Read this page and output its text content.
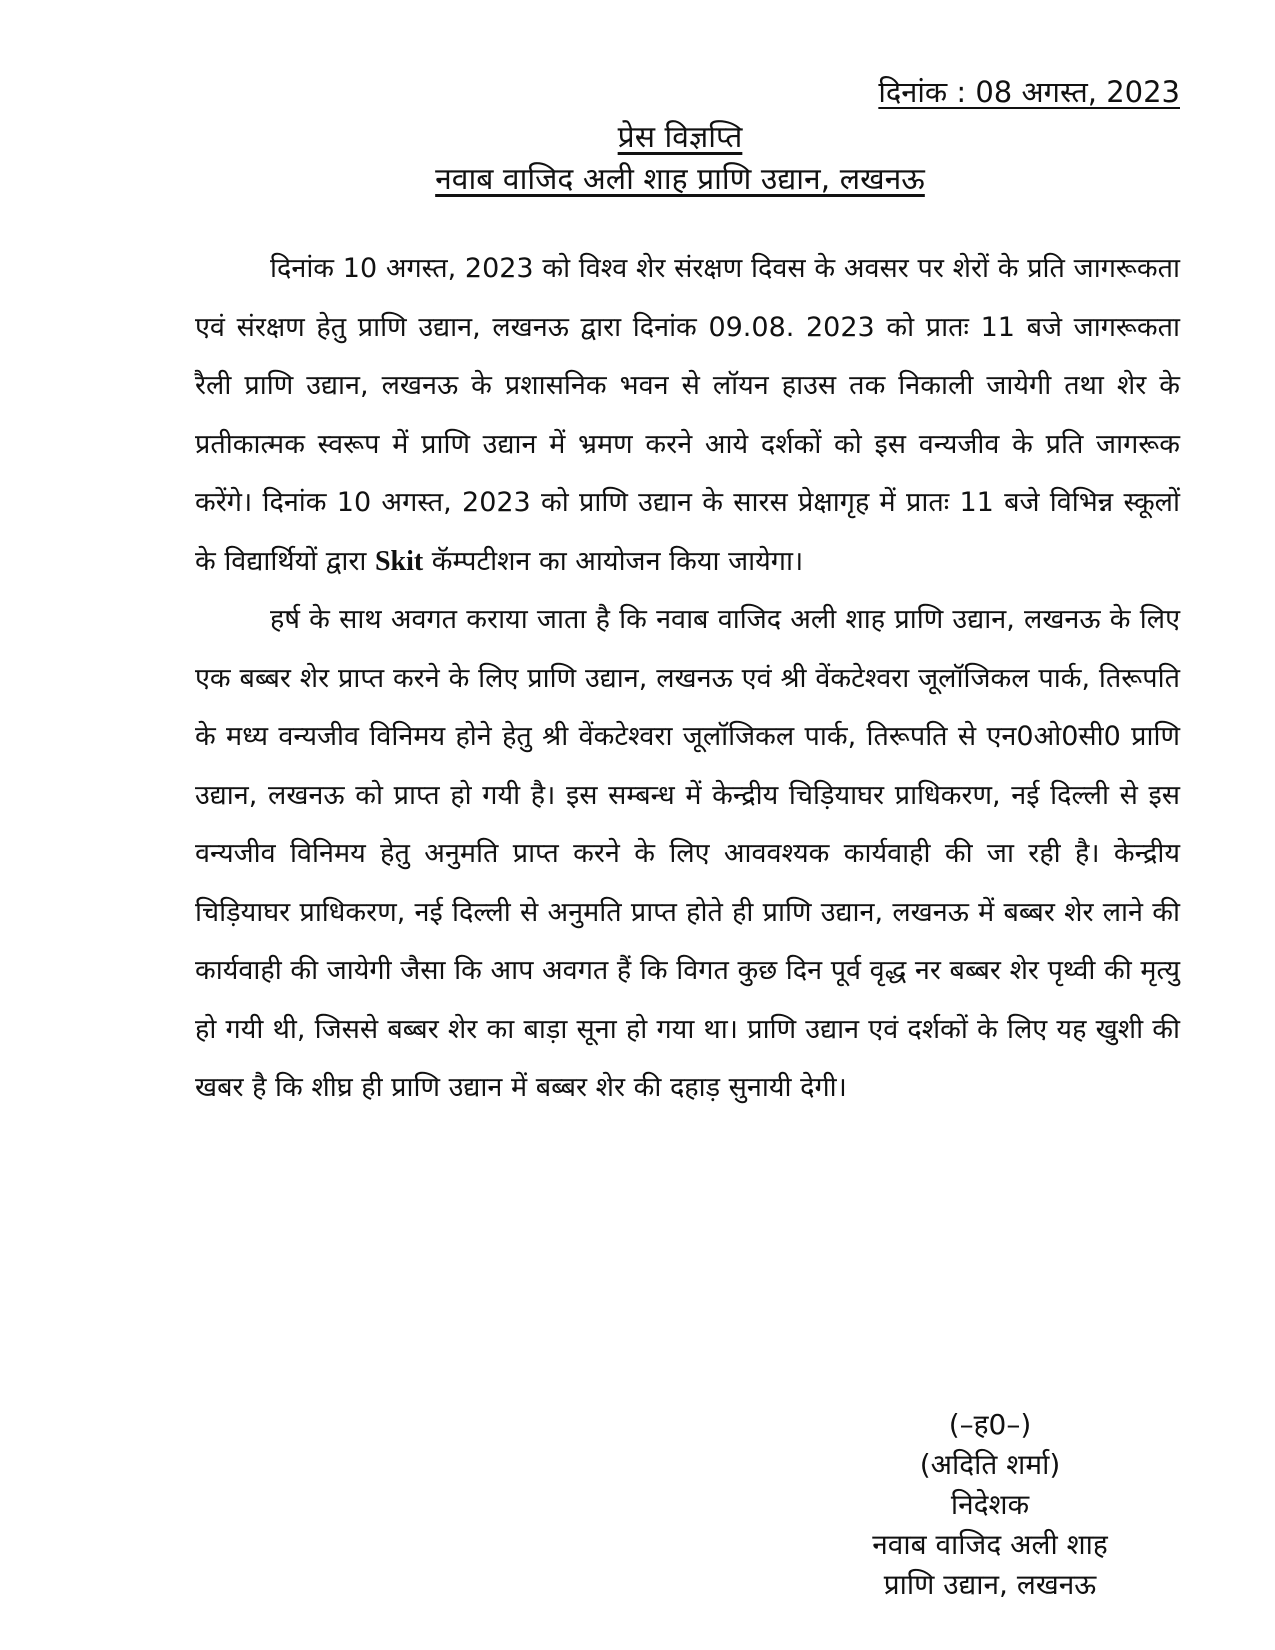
दिनांक : 08 अगस्त, 2023
प्रेस विज्ञप्ति
नवाब वाजिद अली शाह प्राणि उद्यान, लखनऊ

दिनांक 10 अगस्त, 2023 को विश्व शेर संरक्षण दिवस के अवसर पर शेरों के प्रति जागरूकता एवं संरक्षण हेतु प्राणि उद्यान, लखनऊ द्वारा दिनांक 09.08. 2023 को प्रातः 11 बजे जागरूकता रैली प्राणि उद्यान, लखनऊ के प्रशासनिक भवन से लॉयन हाउस तक निकाली जायेगी तथा शेर के प्रतीकात्मक स्वरूप में प्राणि उद्यान में भ्रमण करने आये दर्शकों को इस वन्यजीव के प्रति जागरूक करेंगे। दिनांक 10 अगस्त, 2023 को प्राणि उद्यान के सारस प्रेक्षागृह में प्रातः 11 बजे विभिन्न स्कूलों के विद्यार्थियों द्वारा Skit कॅम्पटीशन का आयोजन किया जायेगा।

हर्ष के साथ अवगत कराया जाता है कि नवाब वाजिद अली शाह प्राणि उद्यान, लखनऊ के लिए एक बब्बर शेर प्राप्त करने के लिए प्राणि उद्यान, लखनऊ एवं श्री वेंकटेश्वरा जूलॉजिकल पार्क, तिरूपति के मध्य वन्यजीव विनिमय होने हेतु श्री वेंकटेश्वरा जूलॉजिकल पार्क, तिरूपति से एन0ओ0सी0 प्राणि उद्यान, लखनऊ को प्राप्त हो गयी है। इस सम्बन्ध में केन्द्रीय चिड़ियाघर प्राधिकरण, नई दिल्ली से इस वन्यजीव विनिमय हेतु अनुमति प्राप्त करने के लिए आववश्यक कार्यवाही की जा रही है। केन्द्रीय चिड़ियाघर प्राधिकरण, नई दिल्ली से अनुमति प्राप्त होते ही प्राणि उद्यान, लखनऊ में बब्बर शेर लाने की कार्यवाही की जायेगी जैसा कि आप अवगत हैं कि विगत कुछ दिन पूर्व वृद्ध नर बब्बर शेर पृथ्वी की मृत्यु हो गयी थी, जिससे बब्बर शेर का बाड़ा सूना हो गया था। प्राणि उद्यान एवं दर्शकों के लिए यह खुशी की खबर है कि शीघ्र ही प्राणि उद्यान में बब्बर शेर की दहाड़ सुनायी देगी।

(–ह0–)
(अदिति शर्मा)
निदेशक
नवाब वाजिद अली शाह
प्राणि उद्यान, लखनऊ
